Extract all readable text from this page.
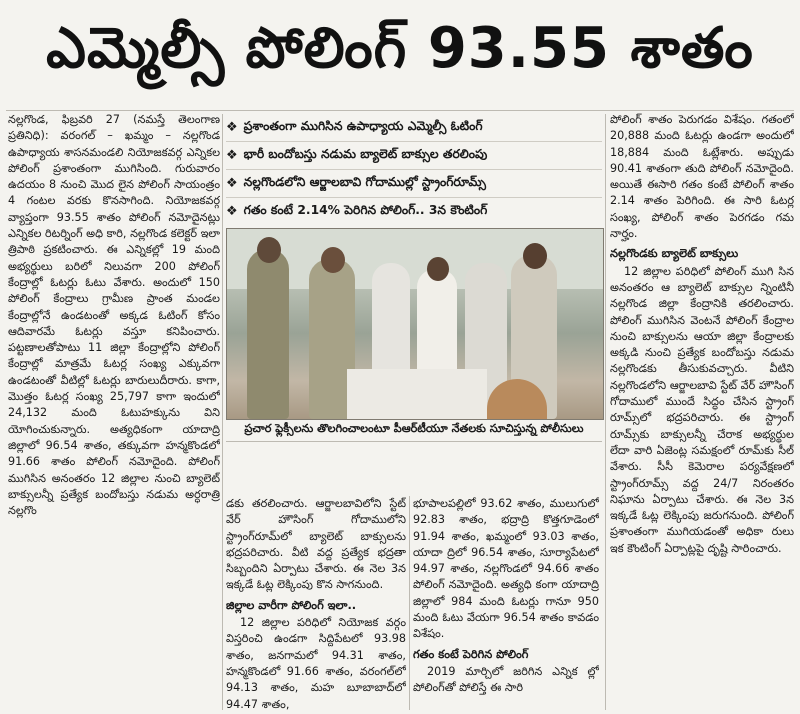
ఎమ్మెల్సీ పోలింగ్ 93.55 శాతం

నల్లగొండ, ఫిబ్రవరి 27 (నమస్తే తెలంగాణ ప్రతినిధి): వరంగల్ – ఖమ్మం – నల్లగొండ ఉపాధ్యాయ శాసనమండలి నియోజకవర్గ ఎన్నికల పోలింగ్ ప్రశాంతంగా ముగిసింది. గురువారం ఉదయం 8 నుంచి మొద లైన పోలింగ్ సాయంత్రం 4 గంటల వరకు కొనసాగింది. నియోజకవర్గ వ్యాప్తంగా 93.55 శాతం పోలింగ్ నమోదైనట్లు ఎన్నికల రిటర్నింగ్ అధి కారి, నల్లగొండ కలెక్టర్ ఇలా త్రిపాఠి ప్రకటించారు. ఈ ఎన్నికల్లో 19 మంది అభ్యర్థులు బరిలో నిలువగా 200 పోలింగ్ కేంద్రాల్లో ఓటర్లు ఓటు వేశారు. అందులో 150 పోలింగ్ కేంద్రాలు గ్రామీణ ప్రాంత మండల కేంద్రాల్లోనే ఉండటంతో అక్కడ ఓటింగ్ కోసం ఆదివారమే ఓటర్లు వస్తూ కనిపించారు. పట్టణాలతోపాటు 11 జిల్లా కేంద్రాల్లోని పోలింగ్ కేంద్రాల్లో మాత్రమే ఓటర్ల సంఖ్య ఎక్కువగా ఉండటంతో వీటిల్లో ఓటర్లు బారులుదీరారు. కాగా, మొత్తం ఓటర్ల సంఖ్య 25,797 కాగా ఇందులో 24,132 మంది ఓటుహక్కును విని యోగించుకున్నారు. అత్యధికంగా యాదాద్రి జిల్లాలో 96.54 శాతం, తక్కువగా హన్మకొండలో 91.66 శాతం పోలింగ్ నమోదైంది. పోలింగ్ ముగిసిన అనంతరం 12 జిల్లాల నుంచి బ్యాలెట్ బాక్సులన్నీ ప్రత్యేక బందోబస్తు నడుమ అర్ధరాత్రి నల్లగొం

❖ ప్రశాంతంగా ముగిసిన ఉపాధ్యాయ ఎమ్మెల్సీ ఓటింగ్
❖ భారీ బందోబస్తు నడుమ బ్యాలెట్ బాక్సుల తరలింపు
❖ నల్లగొండలోని ఆర్జాలబావి గోదాముల్లో స్ట్రాంగ్‌రూమ్స్
❖ గతం కంటే 2.14% పెరిగిన పోలింగ్.. 3న కౌంటింగ్
ప్రచార ఫ్లెక్సీలను తొలగించాలంటూ పీఆర్‌టీయూ నేతలకు సూచిస్తున్న పోలీసులు

డకు తరలించారు. ఆర్జాలబావిలోని స్టేట్ వేర్ హౌసింగ్ గోదాములోని స్ట్రాంగ్‌రూమ్‌లో బ్యాలెట్ బాక్సులను భద్రపరిచారు. వీటి వద్ద ప్రత్యేక భద్రతా సిబ్బందిని ఏర్పాటు చేశారు. ఈ నెల 3న ఇక్కడే ఓట్ల లెక్కింపు కొన సాగనుంది.

జిల్లాల వారీగా పోలింగ్ ఇలా..

12 జిల్లాల పరిధిలో నియోజక వర్గం విస్తరించి ఉండగా సిద్దిపేటలో 93.98 శాతం, జనగామలో 94.31 శాతం, హన్మకొండలో 91.66 శాతం, వరంగల్‌లో 94.13 శాతం, మహ బూబాబాద్‌లో 94.47 శాతం,

భూపాలపల్లిలో 93.62 శాతం, ములుగులో 92.83 శాతం, భద్రాద్రి కొత్తగూడెంలో 91.94 శాతం, ఖమ్మంలో 93.03 శాతం, యాదా ద్రిలో 96.54 శాతం, సూర్యాపేటలో 94.97 శాతం, నల్లగొండలో 94.66 శాతం పోలింగ్ నమోదైంది. అత్యధి కంగా యాదాద్రి జిల్లాలో 984 మంది ఓటర్లు గానూ 950 మంది ఓటు వేయగా 96.54 శాతం కావడం విశేషం.

గతం కంటే పెరిగిన పోలింగ్

2019 మార్చిలో జరిగిన ఎన్నిక ల్లో పోలింగ్‌తో పోలిస్తే ఈ సారి

పోలింగ్ శాతం పెరుగడం విశేషం. గతంలో 20,888 మంది ఓటర్లు ఉండగా అందులో 18,884 మంది ఓట్లేశారు. అప్పుడు 90.41 శాతంగా తుది పోలింగ్ నమోదైంది. అయితే ఈసారి గతం కంటే పోలింగ్ శాతం 2.14 శాతం పెరిగింది. ఈ సారి ఓటర్ల సంఖ్య, పోలింగ్ శాతం పెరగడం గమ నార్హం.

నల్లగొండకు బ్యాలెట్ బాక్సులు

12 జిల్లాల పరిధిలో పోలింగ్ ముగి సిన అనంతరం ఆ బ్యాలెట్ బాక్సుల న్నింటినీ నల్లగొండ జిల్లా కేంద్రానికి తరలించారు. పోలింగ్ ముగిసిన వెంటనే పోలింగ్ కేంద్రాల నుంచి బాక్సులను ఆయా జిల్లా కేంద్రాలకు అక్కడి నుంచి ప్రత్యేక బందోబస్తు నడుమ నల్లగొండకు తీసుకువచ్చారు. వీటిని నల్లగొండలోని ఆర్జాలబావి స్టేట్ వేర్ హౌసింగ్ గోదాములో ముందే సిద్ధం చేసిన స్ట్రాంగ్ రూమ్స్‌లో భద్రపరిచారు. ఈ స్ట్రాంగ్ రూమ్స్‌కు బాక్సులన్నీ చేరాక అభ్యర్థుల లేదా వారి ఏజెంట్ల సమక్షంలో రూమ్‌కు సీల్ వేశారు. సీసీ కెమెరాల పర్యవేక్షణలో స్ట్రాంగ్‌రూమ్స్ వద్ద 24/7 నిరంతరం నిఘాను ఏర్పాటు చేశారు. ఈ నెల 3న ఇక్కడే ఓట్ల లెక్కింపు జరుగనుంది. పోలింగ్ ప్రశాంతంగా ముగియడంతో అధికా రులు ఇక కౌంటింగ్ ఏర్పాట్లపై దృష్టి సారించారు.
